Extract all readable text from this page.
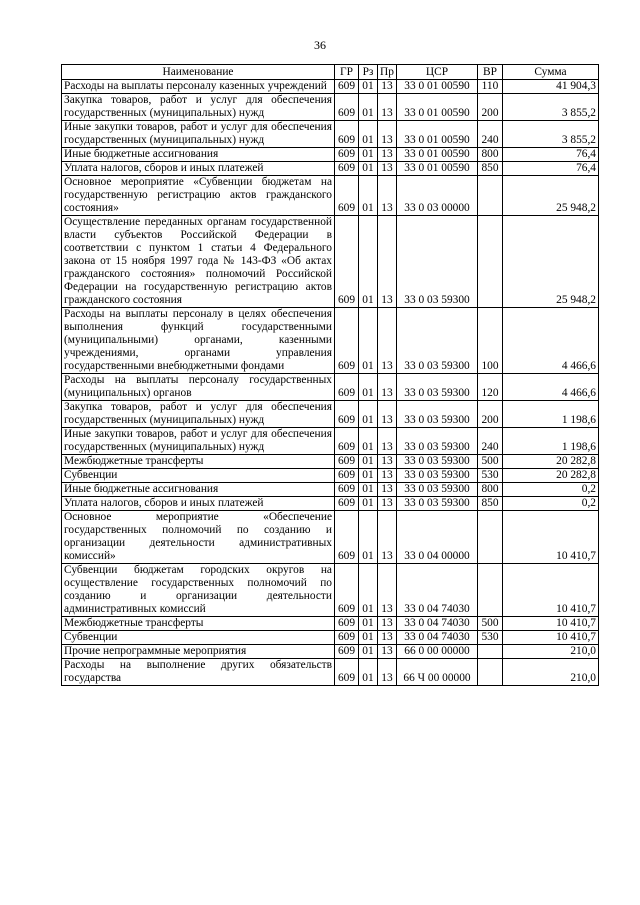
36
Наименование	ГР	Рз	Пр	ЦСР	ВР	Сумма
Расходы на выплаты персоналу казенных учреждений	609	01	13	33 0 01 00590	110	41 904,3
Закупка товаров, работ и услуг для обеспечения государственных (муниципальных) нужд	609	01	13	33 0 01 00590	200	3 855,2
Иные закупки товаров, работ и услуг для обеспечения государственных (муниципальных) нужд	609	01	13	33 0 01 00590	240	3 855,2
Иные бюджетные ассигнования	609	01	13	33 0 01 00590	800	76,4
Уплата налогов, сборов и иных платежей	609	01	13	33 0 01 00590	850	76,4
Основное мероприятие «Субвенции бюджетам на государственную регистрацию актов гражданского состояния»	609	01	13	33 0 03 00000		25 948,2
Осуществление переданных органам государственной власти субъектов Российской Федерации в соответствии с пунктом 1 статьи 4 Федерального закона от 15 ноября 1997 года № 143-ФЗ «Об актах гражданского состояния» полномочий Российской Федерации на государственную регистрацию актов гражданского состояния	609	01	13	33 0 03 59300		25 948,2
Расходы на выплаты персоналу в целях обеспечения выполнения функций государственными (муниципальными) органами, казенными учреждениями, органами управления государственными внебюджетными фондами	609	01	13	33 0 03 59300	100	4 466,6
Расходы на выплаты персоналу государственных (муниципальных) органов	609	01	13	33 0 03 59300	120	4 466,6
Закупка товаров, работ и услуг для обеспечения государственных (муниципальных) нужд	609	01	13	33 0 03 59300	200	1 198,6
Иные закупки товаров, работ и услуг для обеспечения государственных (муниципальных) нужд	609	01	13	33 0 03 59300	240	1 198,6
Межбюджетные трансферты	609	01	13	33 0 03 59300	500	20 282,8
Субвенции	609	01	13	33 0 03 59300	530	20 282,8
Иные бюджетные ассигнования	609	01	13	33 0 03 59300	800	0,2
Уплата налогов, сборов и иных платежей	609	01	13	33 0 03 59300	850	0,2
Основное мероприятие «Обеспечение государственных полномочий по созданию и организации деятельности административных комиссий»	609	01	13	33 0 04 00000		10 410,7
Субвенции бюджетам городских округов на осуществление государственных полномочий по созданию и организации деятельности административных комиссий	609	01	13	33 0 04 74030		10 410,7
Межбюджетные трансферты	609	01	13	33 0 04 74030	500	10 410,7
Субвенции	609	01	13	33 0 04 74030	530	10 410,7
Прочие непрограммные мероприятия	609	01	13	66 0 00 00000		210,0
Расходы на выполнение других обязательств государства	609	01	13	66 Ч 00 00000		210,0
